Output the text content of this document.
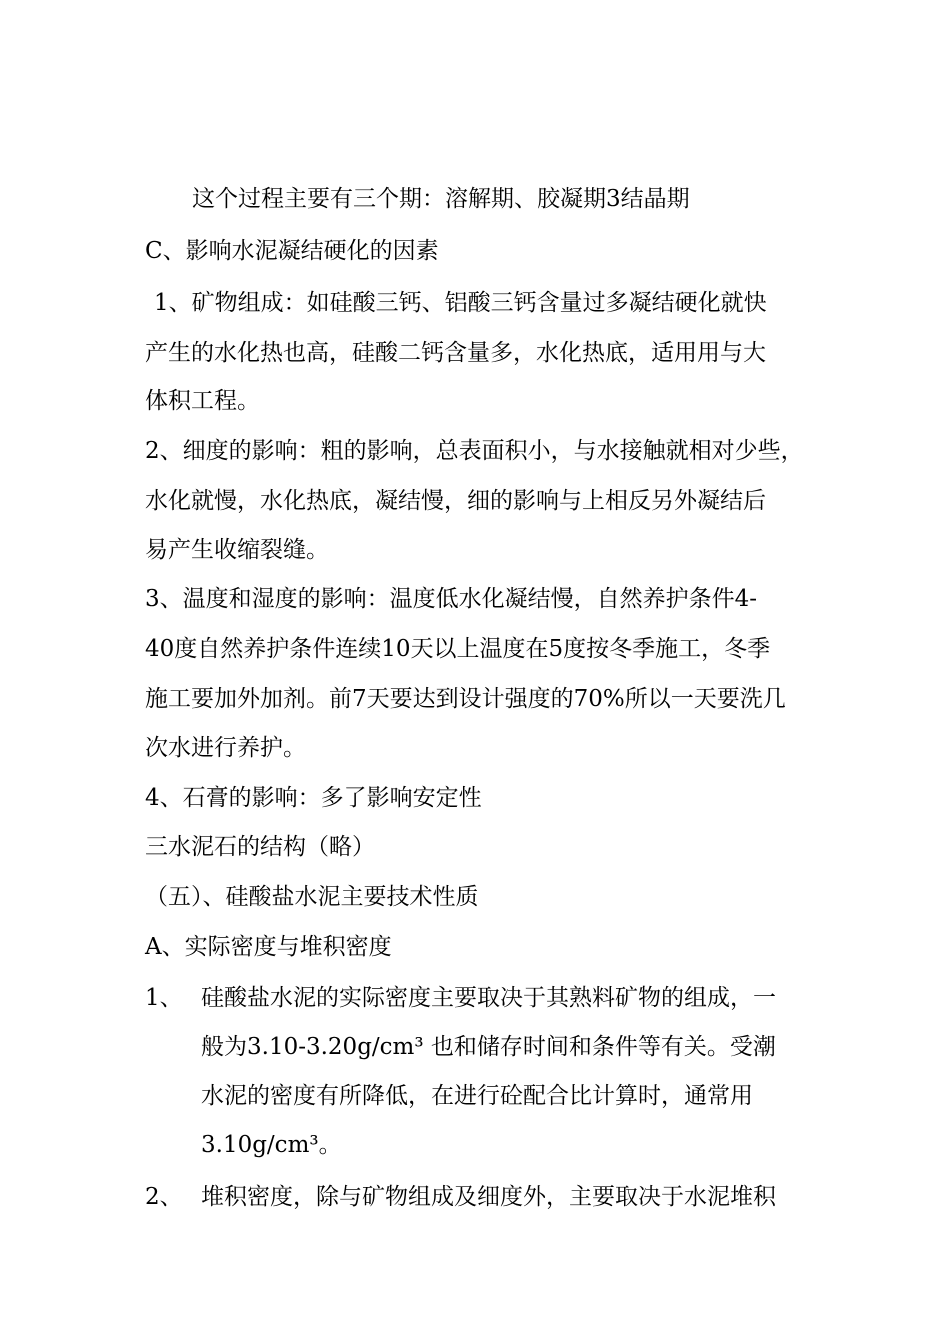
这个过程主要有三个期：溶解期、胶凝期3结晶期
C、影响水泥凝结硬化的因素
1、矿物组成：如硅酸三钙、铝酸三钙含量过多凝结硬化就快
产生的水化热也高，硅酸二钙含量多，水化热底，适用用与大
体积工程。
2、细度的影响：粗的影响，总表面积小，与水接触就相对少些，
水化就慢，水化热底，凝结慢，细的影响与上相反另外凝结后
易产生收缩裂缝。
3、温度和湿度的影响：温度低水化凝结慢，自然养护条件4-
40度自然养护条件连续10天以上温度在5度按冬季施工，冬季
施工要加外加剂。前7天要达到设计强度的70%所以一天要洗几
次水进行养护。
4、石膏的影响：多了影响安定性
三水泥石的结构（略）
（五）、硅酸盐水泥主要技术性质
A、实际密度与堆积密度
1、 硅酸盐水泥的实际密度主要取决于其熟料矿物的组成，一
般为3.10-3.20g/cm³ 也和储存时间和条件等有关。受潮
水泥的密度有所降低，在进行砼配合比计算时，通常用
3.10g/cm³。
2、 堆积密度，除与矿物组成及细度外，主要取决于水泥堆积
